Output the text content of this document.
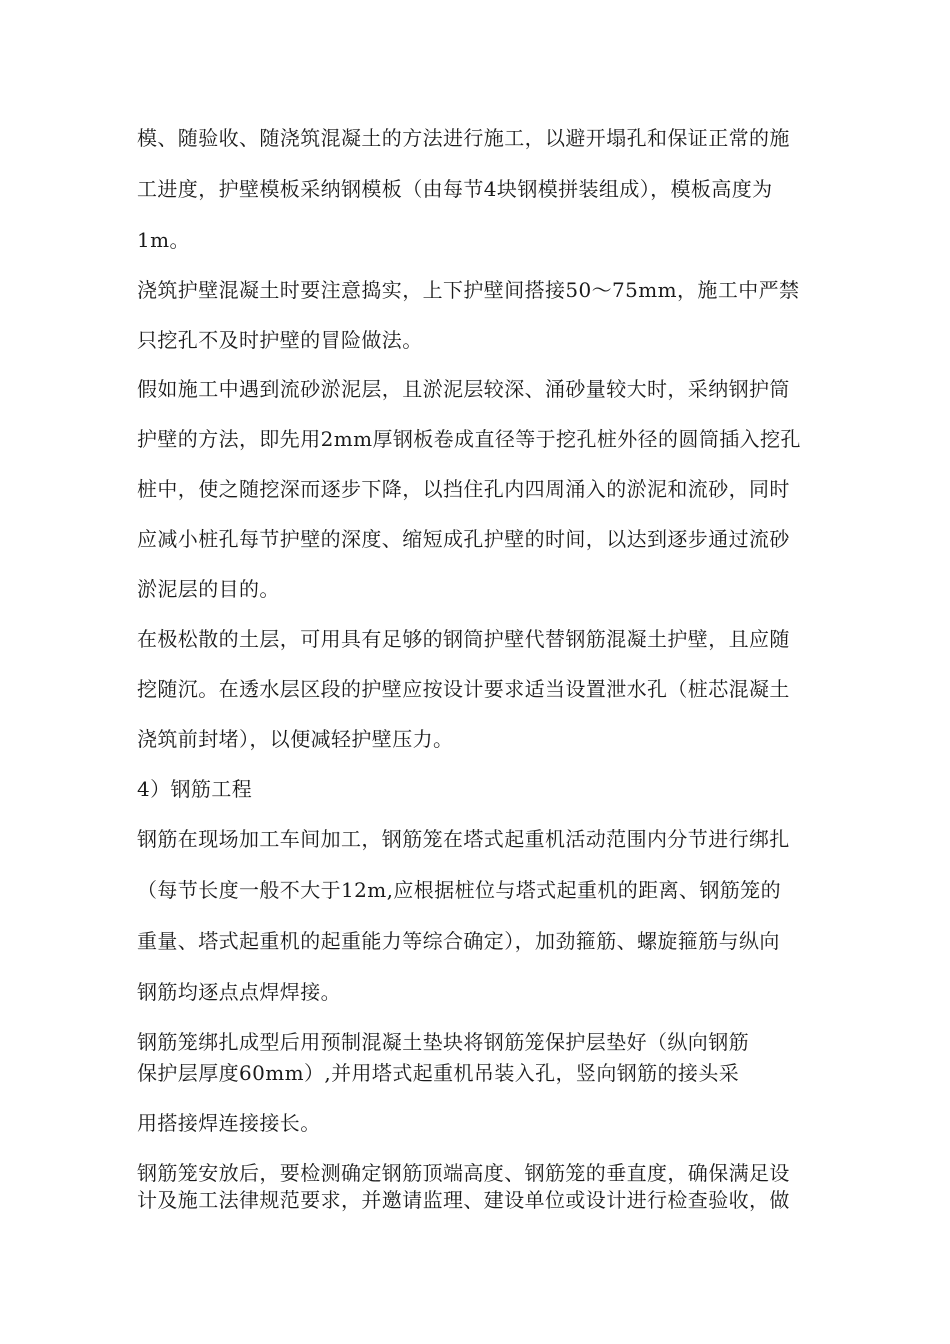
模、随验收、随浇筑混凝土的方法进行施工，以避开塌孔和保证正常的施
工进度，护壁模板采纳钢模板（由每节4块钢模拼装组成），模板高度为
1m。
浇筑护壁混凝土时要注意捣实，上下护壁间搭接50〜75mm，施工中严禁
只挖孔不及时护壁的冒险做法。
假如施工中遇到流砂淤泥层，且淤泥层较深、涌砂量较大时，采纳钢护筒
护壁的方法，即先用2mm厚钢板卷成直径等于挖孔桩外径的圆筒插入挖孔
桩中，使之随挖深而逐步下降，以挡住孔内四周涌入的淤泥和流砂，同时
应减小桩孔每节护壁的深度、缩短成孔护壁的时间，以达到逐步通过流砂
淤泥层的目的。
在极松散的土层，可用具有足够的钢筒护壁代替钢筋混凝土护壁，且应随
挖随沉。在透水层区段的护壁应按设计要求适当设置泄水孔（桩芯混凝土
浇筑前封堵），以便减轻护壁压力。
4）钢筋工程
钢筋在现场加工车间加工，钢筋笼在塔式起重机活动范围内分节进行绑扎
（每节长度一般不大于12m,应根据桩位与塔式起重机的距离、钢筋笼的
重量、塔式起重机的起重能力等综合确定），加劲箍筋、螺旋箍筋与纵向
钢筋均逐点点焊焊接。
钢筋笼绑扎成型后用预制混凝土垫块将钢筋笼保护层垫好（纵向钢筋
保护层厚度60mm）,并用塔式起重机吊装入孔，竖向钢筋的接头采
用搭接焊连接接长。
钢筋笼安放后，要检测确定钢筋顶端高度、钢筋笼的垂直度，确保满足设
计及施工法律规范要求，并邀请监理、建设单位或设计进行检查验收，做
